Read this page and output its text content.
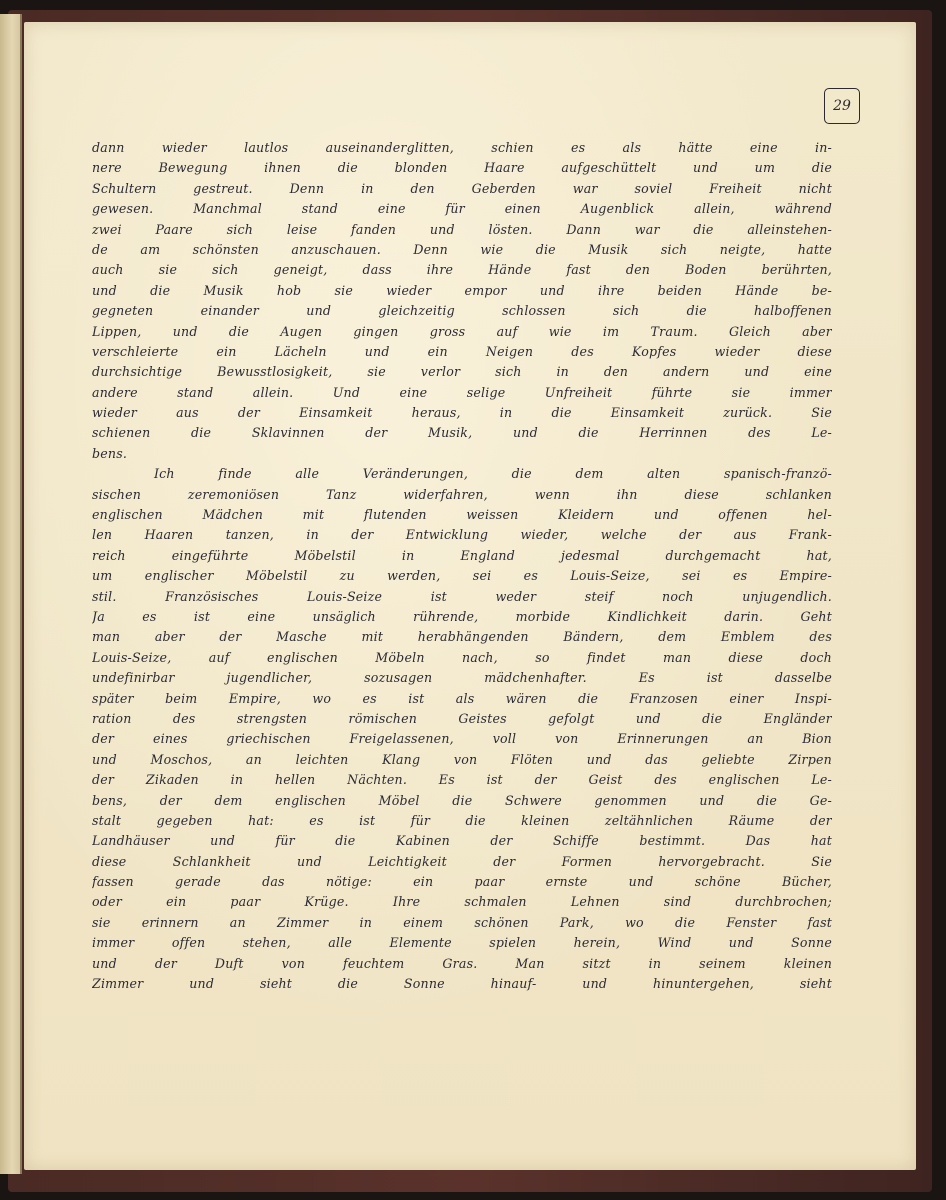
29
dann wieder lautlos auseinanderglitten, schien es als hätte eine in-
nere Bewegung ihnen die blonden Haare aufgeschüttelt und um die
Schultern gestreut. Denn in den Geberden war soviel Freiheit nicht
gewesen. Manchmal stand eine für einen Augenblick allein, während
zwei Paare sich leise fanden und lösten. Dann war die alleinstehen-
de am schönsten anzuschauen. Denn wie die Musik sich neigte, hatte
auch sie sich geneigt, dass ihre Hände fast den Boden berührten,
und die Musik hob sie wieder empor und ihre beiden Hände be-
gegneten einander und gleichzeitig schlossen sich die halboffenen
Lippen, und die Augen gingen gross auf wie im Traum. Gleich aber
verschleierte ein Lächeln und ein Neigen des Kopfes wieder diese
durchsichtige Bewusstlosigkeit, sie verlor sich in den andern und eine
andere stand allein. Und eine selige Unfreiheit führte sie immer
wieder aus der Einsamkeit heraus, in die Einsamkeit zurück. Sie
schienen die Sklavinnen der Musik, und die Herrinnen des Le-
bens.
Ich finde alle Veränderungen, die dem alten spanisch-franzö-
sischen zeremoniösen Tanz widerfahren, wenn ihn diese schlanken
englischen Mädchen mit flutenden weissen Kleidern und offenen hel-
len Haaren tanzen, in der Entwicklung wieder, welche der aus Frank-
reich eingeführte Möbelstil in England jedesmal durchgemacht hat,
um englischer Möbelstil zu werden, sei es Louis-Seize, sei es Empire-
stil. Französisches Louis-Seize ist weder steif noch unjugendlich.
Ja es ist eine unsäglich rührende, morbide Kindlichkeit darin. Geht
man aber der Masche mit herabhängenden Bändern, dem Emblem des
Louis-Seize, auf englischen Möbeln nach, so findet man diese doch
undefinirbar jugendlicher, sozusagen mädchenhafter. Es ist dasselbe
später beim Empire, wo es ist als wären die Franzosen einer Inspi-
ration des strengsten römischen Geistes gefolgt und die Engländer
der eines griechischen Freigelassenen, voll von Erinnerungen an Bion
und Moschos, an leichten Klang von Flöten und das geliebte Zirpen
der Zikaden in hellen Nächten. Es ist der Geist des englischen Le-
bens, der dem englischen Möbel die Schwere genommen und die Ge-
stalt gegeben hat: es ist für die kleinen zeltähnlichen Räume der
Landhäuser und für die Kabinen der Schiffe bestimmt. Das hat
diese Schlankheit und Leichtigkeit der Formen hervorgebracht. Sie
fassen gerade das nötige: ein paar ernste und schöne Bücher,
oder ein paar Krüge. Ihre schmalen Lehnen sind durchbrochen;
sie erinnern an Zimmer in einem schönen Park, wo die Fenster fast
immer offen stehen, alle Elemente spielen herein, Wind und Sonne
und der Duft von feuchtem Gras. Man sitzt in seinem kleinen
Zimmer und sieht die Sonne hinauf- und hinuntergehen, sieht
